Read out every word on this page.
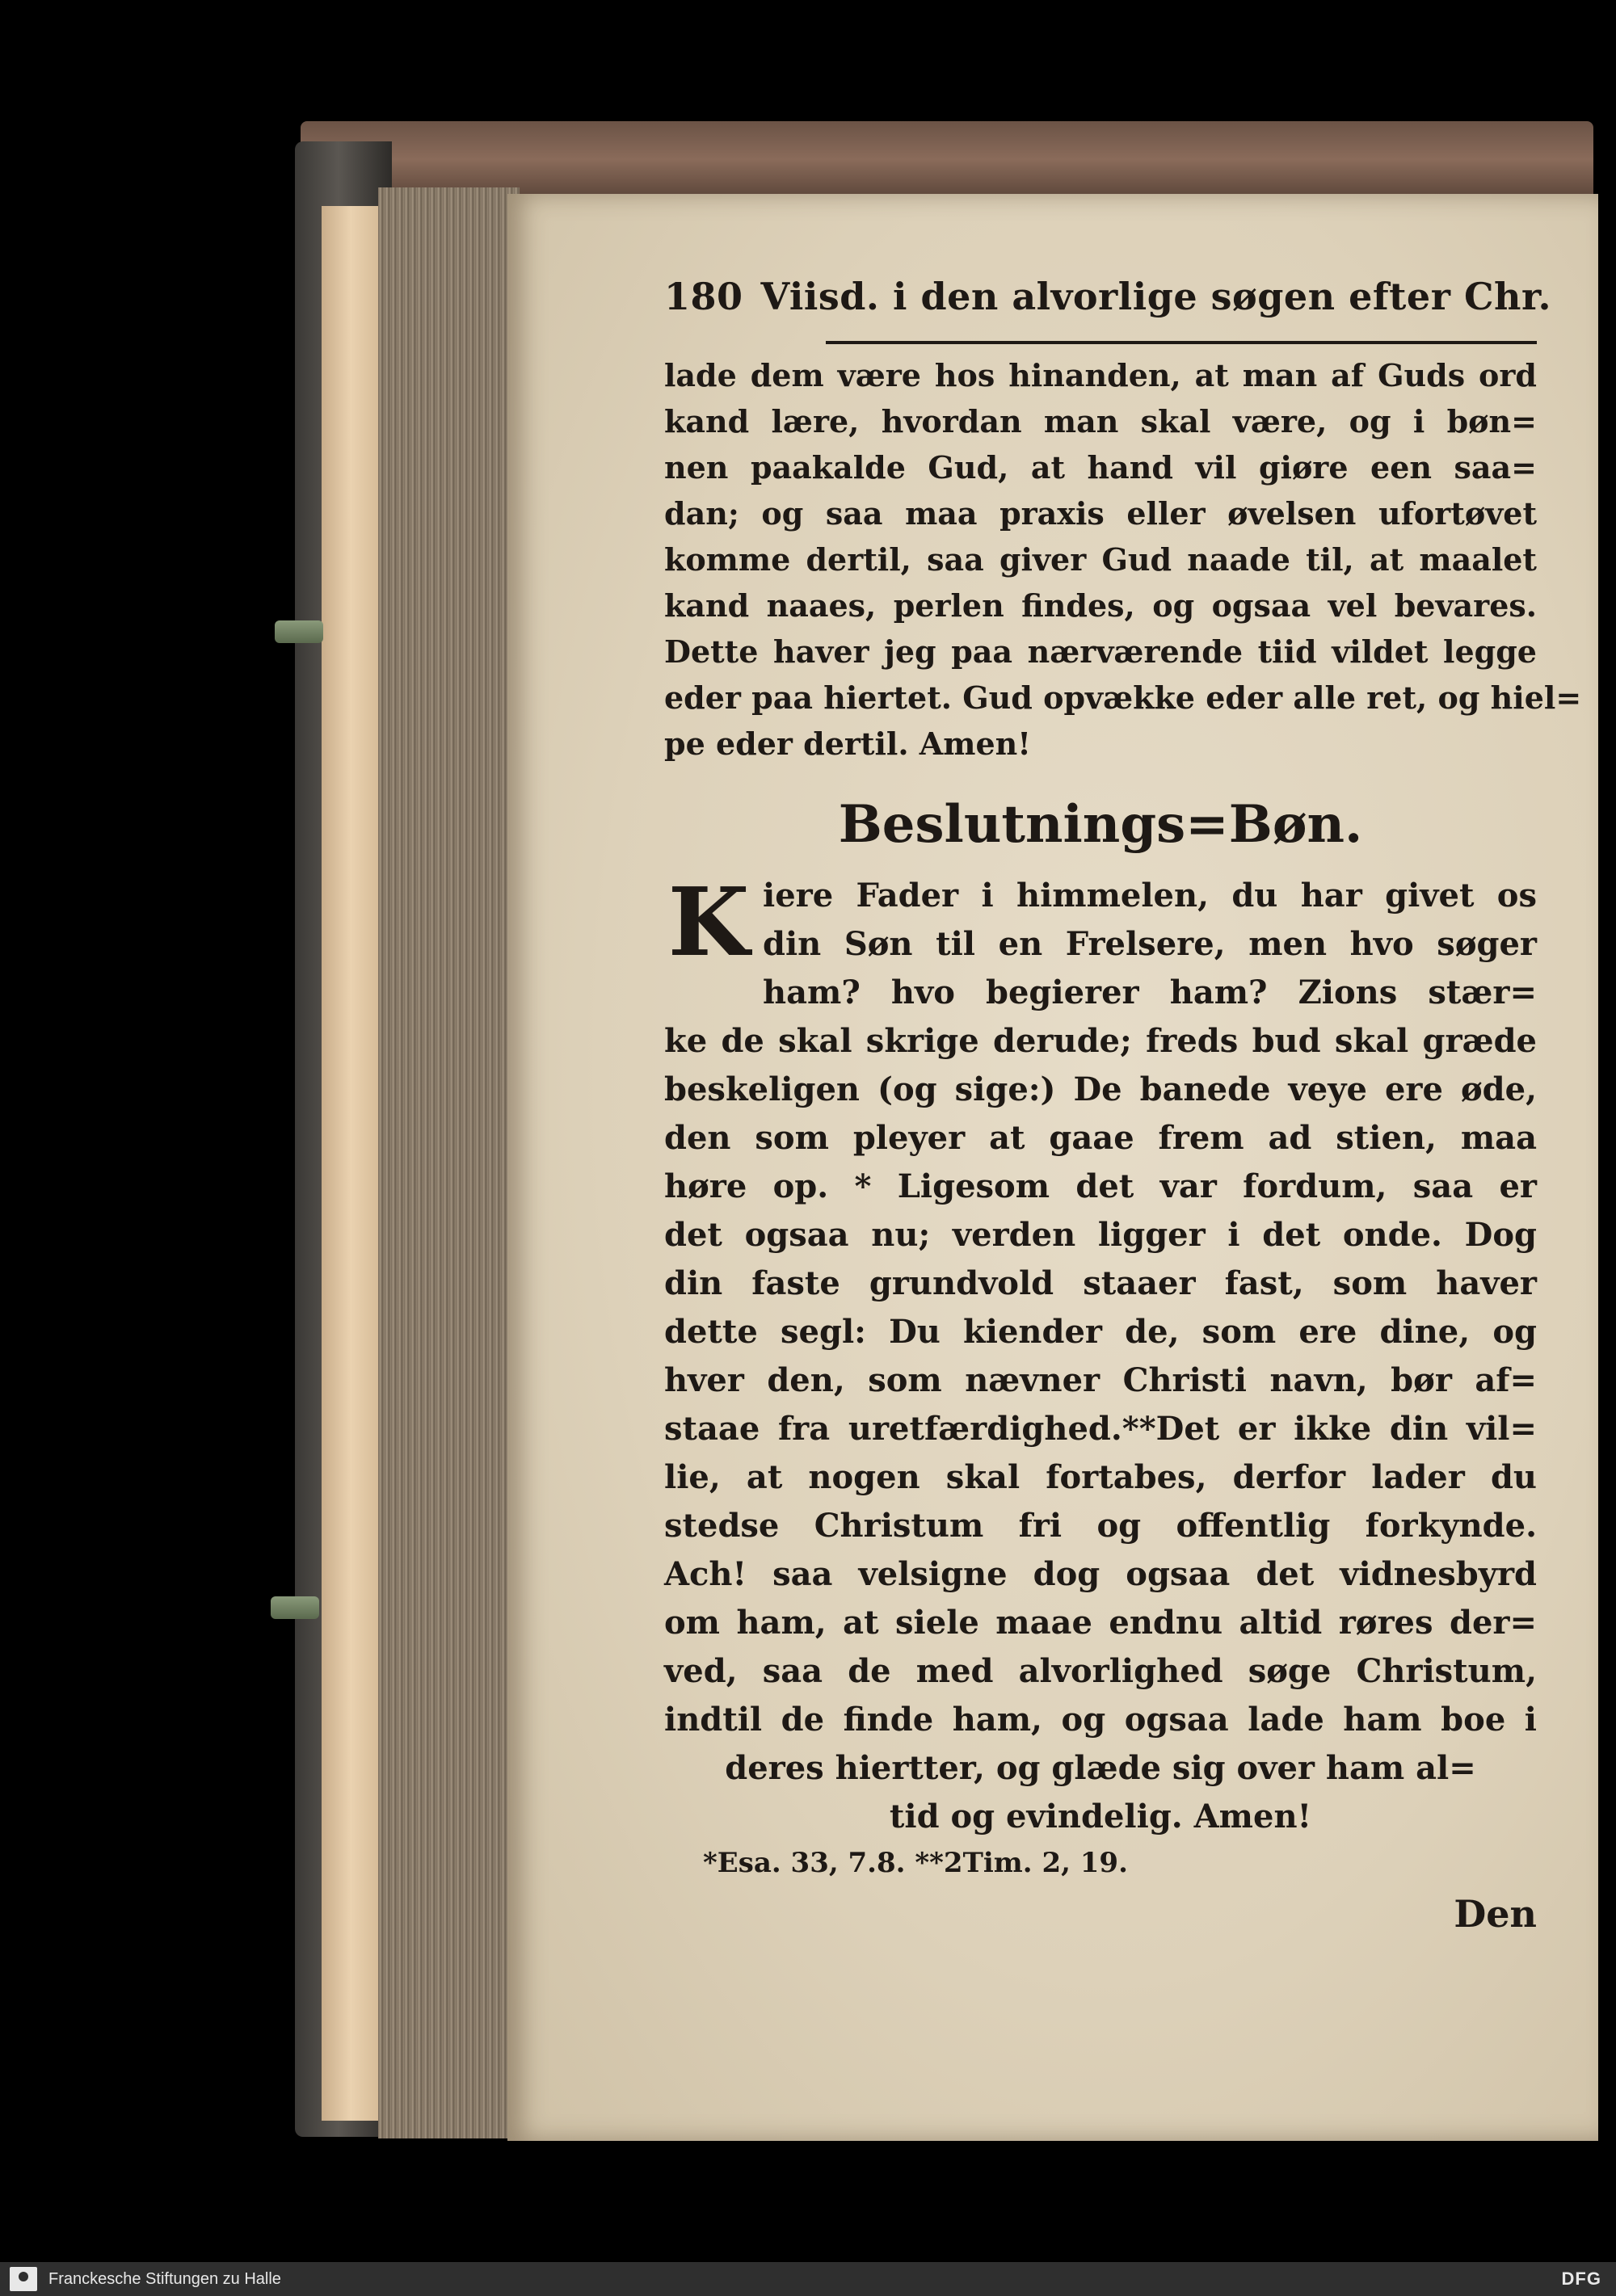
180 Viisd. i den alvorlige søgen efter Chr.
lade dem være hos hinanden, at man af Guds ord
kand lære, hvordan man skal være, og i bøn=
nen paakalde Gud, at hand vil giøre een saa=
dan; og saa maa praxis eller øvelsen ufortøvet
komme dertil, saa giver Gud naade til, at maalet
kand naaes, perlen findes, og ogsaa vel bevares.
Dette haver jeg paa nærværende tiid vildet legge
eder paa hiertet. Gud opvække eder alle ret, og hiel=
pe eder dertil. Amen!
Beslutnings=Bøn.
K iere Fader i himmelen, du har givet os
din Søn til en Frelsere, men hvo søger
ham? hvo begierer ham? Zions stær=
ke de skal skrige derude; freds bud skal græde
beskeligen (og sige:) De banede veye ere øde,
den som pleyer at gaae frem ad stien, maa
høre op. * Ligesom det var fordum, saa er
det ogsaa nu; verden ligger i det onde. Dog
din faste grundvold staaer fast, som haver
dette segl: Du kiender de, som ere dine, og
hver den, som nævner Christi navn, bør af=
staae fra uretfærdighed.**Det er ikke din vil=
lie, at nogen skal fortabes, derfor lader du
stedse Christum fri og offentlig forkynde.
Ach! saa velsigne dog ogsaa det vidnesbyrd
om ham, at siele maae endnu altid røres der=
ved, saa de med alvorlighed søge Christum,
indtil de finde ham, og ogsaa lade ham boe i
deres hiertter, og glæde sig over ham al=
tid og evindelig. Amen!
*Esa. 33, 7.8. **2Tim. 2, 19.
Den
Franckesche Stiftungen zu Halle	DFG
